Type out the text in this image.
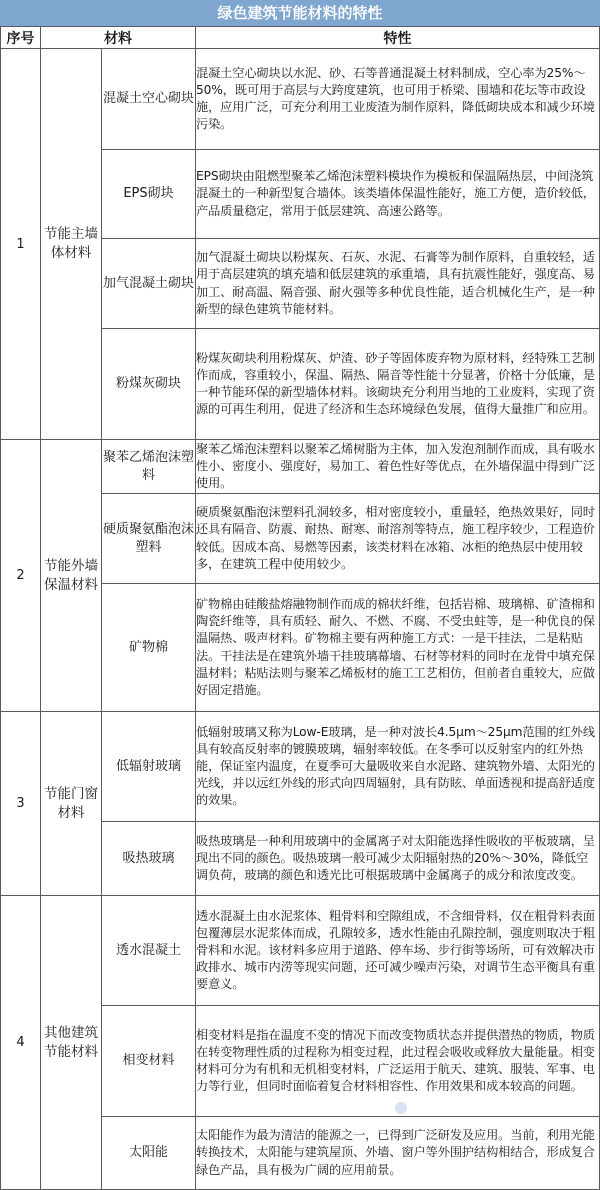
绿色建筑节能材料的特性
序号	材料		特性
1	节能主墙体材料	混凝土空心砌块	混凝土空心砌块以水泥、砂、石等普通混凝土材料制成，空心率为25%～50%，既可用于高层与大跨度建筑，也可用于桥梁、围墙和花坛等市政设施，应用广泛，可充分利用工业废渣为制作原料，降低砌块成本和减少环境污染。
		EPS砌块	EPS砌块由阻燃型聚苯乙烯泡沫塑料模块作为模板和保温隔热层，中间浇筑混凝土的一种新型复合墙体。该类墙体保温性能好，施工方便，造价较低，产品质量稳定，常用于低层建筑、高速公路等。
		加气混凝土砌块	加气混凝土砌块以粉煤灰、石灰、水泥、石膏等为制作原料，自重较轻，适用于高层建筑的填充墙和低层建筑的承重墙，具有抗震性能好，强度高、易加工、耐高温、隔音强、耐火强等多种优良性能，适合机械化生产，是一种新型的绿色建筑节能材料。
		粉煤灰砌块	粉煤灰砌块利用粉煤灰、炉渣、砂子等固体废弃物为原材料，经特殊工艺制作而成，容重较小，保温、隔热、隔音等性能十分显著，价格十分低廉，是一种节能环保的新型墙体材料。该砌块充分利用当地的工业废料，实现了资源的可再生利用，促进了经济和生态环境绿色发展，值得大量推广和应用。
2	节能外墙保温材料	聚苯乙烯泡沫塑料	聚苯乙烯泡沫塑料以聚苯乙烯树脂为主体，加入发泡剂制作而成，具有吸水性小、密度小、强度好，易加工、着色性好等优点，在外墙保温中得到广泛使用。
		硬质聚氨酯泡沫塑料	硬质聚氨酯泡沫塑料孔洞较多，相对密度较小，重量轻，绝热效果好，同时还具有隔音、防震、耐热、耐寒、耐溶剂等特点，施工程序较少，工程造价较低。因成本高、易燃等因素，该类材料在冰箱、冰柜的绝热层中使用较多，在建筑工程中使用较少。
		矿物棉	矿物棉由硅酸盐熔融物制作而成的棉状纤维，包括岩棉、玻璃棉、矿渣棉和陶瓷纤维等，具有质轻、耐久、不燃、不腐、不受虫蛀等，是一种优良的保温隔热、吸声材料。矿物棉主要有两种施工方式：一是干挂法，二是粘贴法。干挂法是在建筑外墙干挂玻璃幕墙、石材等材料的同时在龙骨中填充保温材料；粘贴法则与聚苯乙烯板材的施工工艺相仿，但前者自重较大，应做好固定措施。
3	节能门窗材料	低辐射玻璃	低辐射玻璃又称为Low-E玻璃，是一种对波长4.5μm～25μm范围的红外线具有较高反射率的镀膜玻璃，辐射率较低。在冬季可以反射室内的红外热能，保证室内温度，在夏季可大量吸收来自水泥路、建筑物外墙、太阳光的光线，并以远红外线的形式向四周辐射，具有防眩、单面透视和提高舒适度的效果。
		吸热玻璃	吸热玻璃是一种利用玻璃中的金属离子对太阳能选择性吸收的平板玻璃，呈现出不同的颜色。吸热玻璃一般可减少太阳辐射热的20%～30%，降低空调负荷，玻璃的颜色和透光比可根据玻璃中金属离子的成分和浓度改变。
4	其他建筑节能材料	透水混凝土	透水混凝土由水泥浆体、粗骨料和空隙组成，不含细骨料，仅在粗骨料表面包覆薄层水泥浆体而成，孔隙较多，透水性能由孔隙控制，强度则取决于粗骨料和水泥。该材料多应用于道路、停车场、步行街等场所，可有效解决市政排水、城市内涝等现实问题，还可减少噪声污染，对调节生态平衡具有重要意义。
		相变材料	相变材料是指在温度不变的情况下而改变物质状态并提供潜热的物质，物质在转变物理性质的过程称为相变过程，此过程会吸收或释放大量能量。相变材料可分为有机和无机相变材料，广泛运用于航天、建筑、服装、军事、电力等行业，但同时面临着复合材料相容性、作用效果和成本较高的问题。
		太阳能	太阳能作为最为清洁的能源之一，已得到广泛研发及应用。当前，利用光能转换技术，太阳能与建筑屋顶、外墙、窗户等外围护结构相结合，形成复合绿色产品，具有极为广阔的应用前景。
